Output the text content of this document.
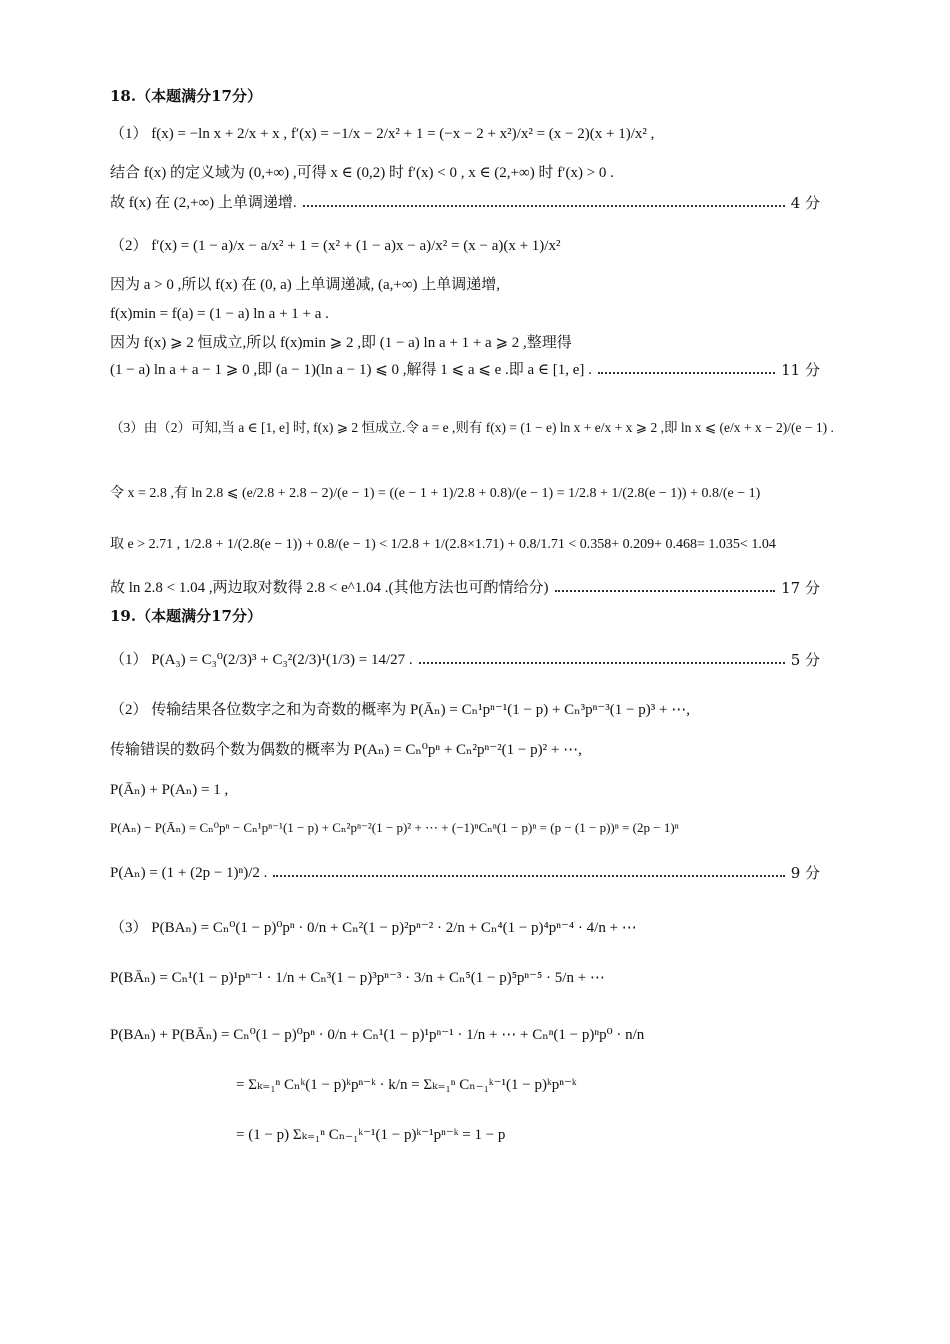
18.（本题满分17分）
（1） f(x) = −ln x + 2/x + x , f′(x) = −1/x − 2/x² + 1 = (−x − 2 + x²)/x² = (x − 2)(x + 1)/x² ,
结合 f(x) 的定义域为 (0,+∞) ,可得 x ∈ (0,2) 时 f′(x) < 0 , x ∈ (2,+∞) 时 f′(x) > 0 .
故 f(x) 在 (2,+∞) 上单调递增.	4 分
（2） f′(x) = (1 − a)/x − a/x² + 1 = (x² + (1 − a)x − a)/x² = (x − a)(x + 1)/x²
因为 a > 0 ,所以 f(x) 在 (0, a) 上单调递减, (a,+∞) 上单调递增,
f(x)min = f(a) = (1 − a) ln a + 1 + a .
因为 f(x) ⩾ 2 恒成立,所以 f(x)min ⩾ 2 ,即 (1 − a) ln a + 1 + a ⩾ 2 ,整理得
(1 − a) ln a + a − 1 ⩾ 0 ,即 (a − 1)(ln a − 1) ⩽ 0 ,解得 1 ⩽ a ⩽ e .即 a ∈ [1, e] .	11 分
（3）由（2）可知,当 a ∈ [1, e] 时, f(x) ⩾ 2 恒成立.令 a = e ,则有 f(x) = (1 − e) ln x + e/x + x ⩾ 2 ,即 ln x ⩽ (e/x + x − 2)/(e − 1) .
令 x = 2.8 ,有 ln 2.8 ⩽ (e/2.8 + 2.8 − 2)/(e − 1) = ((e − 1 + 1)/2.8 + 0.8)/(e − 1) = 1/2.8 + 1/(2.8(e − 1)) + 0.8/(e − 1)
取 e > 2.71 , 1/2.8 + 1/(2.8(e − 1)) + 0.8/(e − 1) < 1/2.8 + 1/(2.8×1.71) + 0.8/1.71 < 0.358+ 0.209+ 0.468= 1.035< 1.04
故 ln 2.8 < 1.04 ,两边取对数得 2.8 < e^1.04 .(其他方法也可酌情给分)	17 分
19.（本题满分17分）
（1） P(A₃) = C₃⁰(2/3)³ + C₃²(2/3)¹(1/3) = 14/27 .	5 分
（2） 传输结果各位数字之和为奇数的概率为 P(Āₙ) = Cₙ¹pⁿ⁻¹(1 − p) + Cₙ³pⁿ⁻³(1 − p)³ + ⋯,
传输错误的数码个数为偶数的概率为 P(Aₙ) = Cₙ⁰pⁿ + Cₙ²pⁿ⁻²(1 − p)² + ⋯,
P(Āₙ) + P(Aₙ) = 1 ,
P(Aₙ) − P(Āₙ) = Cₙ⁰pⁿ − Cₙ¹pⁿ⁻¹(1 − p) + Cₙ²pⁿ⁻²(1 − p)² + ⋯ + (−1)ⁿCₙⁿ(1 − p)ⁿ = (p − (1 − p))ⁿ = (2p − 1)ⁿ
P(Aₙ) = (1 + (2p − 1)ⁿ)/2 .	9 分
（3） P(BAₙ) = Cₙ⁰(1 − p)⁰pⁿ · 0/n + Cₙ²(1 − p)²pⁿ⁻² · 2/n + Cₙ⁴(1 − p)⁴pⁿ⁻⁴ · 4/n + ⋯
P(BĀₙ) = Cₙ¹(1 − p)¹pⁿ⁻¹ · 1/n + Cₙ³(1 − p)³pⁿ⁻³ · 3/n + Cₙ⁵(1 − p)⁵pⁿ⁻⁵ · 5/n + ⋯
P(BAₙ) + P(BĀₙ) = Cₙ⁰(1 − p)⁰pⁿ · 0/n + Cₙ¹(1 − p)¹pⁿ⁻¹ · 1/n + ⋯ + Cₙⁿ(1 − p)ⁿp⁰ · n/n
= Σₖ₌₁ⁿ Cₙᵏ(1 − p)ᵏpⁿ⁻ᵏ · k/n = Σₖ₌₁ⁿ Cₙ₋₁ᵏ⁻¹(1 − p)ᵏpⁿ⁻ᵏ
= (1 − p) Σₖ₌₁ⁿ Cₙ₋₁ᵏ⁻¹(1 − p)ᵏ⁻¹pⁿ⁻ᵏ = 1 − p
